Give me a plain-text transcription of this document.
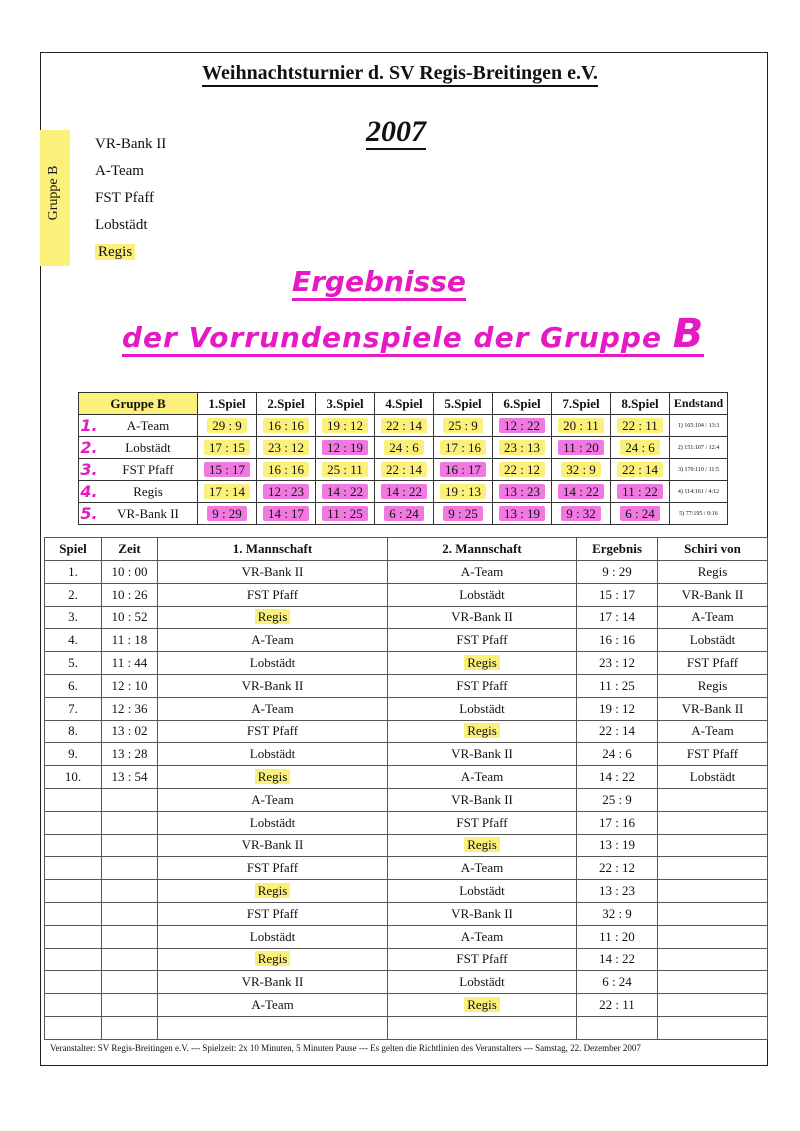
Weihnachtsturnier d. SV Regis-Breitingen e.V.
2007
Gruppe B
VR-Bank II
A-Team
FST Pfaff
Lobstädt
Regis
Ergebnisse
der Vorrundenspiele der Gruppe B
Gruppe B		1.Spiel	2.Spiel	3.Spiel	4.Spiel	5.Spiel	6.Spiel	7.Spiel	8.Spiel	Endstand
1.	A-Team	29 : 9	16 : 16	19 : 12	22 : 14	25 : 9	12 : 22	20 : 11	22 : 11	1) 165:104 / 13:3
2.	Lobstädt	17 : 15	23 : 12	12 : 19	24 : 6	17 : 16	23 : 13	11 : 20	24 : 6	2) 151:107 / 12:4
3.	FST Pfaff	15 : 17	16 : 16	25 : 11	22 : 14	16 : 17	22 : 12	32 : 9	22 : 14	3) 170:110 / 11:5
4.	Regis	17 : 14	12 : 23	14 : 22	14 : 22	19 : 13	13 : 23	14 : 22	11 : 22	4) 114:161 / 4:12
5.	VR-Bank II	9 : 29	14 : 17	11 : 25	6 : 24	9 : 25	13 : 19	9 : 32	6 : 24	5) 77:195 / 0:16
Spiel	Zeit	1. Mannschaft	2. Mannschaft	Ergebnis	Schiri von
1.	10 : 00	VR-Bank II	A-Team	9 : 29	Regis
2.	10 : 26	FST Pfaff	Lobstädt	15 : 17	VR-Bank II
3.	10 : 52	Regis	VR-Bank II	17 : 14	A-Team
4.	11 : 18	A-Team	FST Pfaff	16 : 16	Lobstädt
5.	11 : 44	Lobstädt	Regis	23 : 12	FST Pfaff
6.	12 : 10	VR-Bank II	FST Pfaff	11 : 25	Regis
7.	12 : 36	A-Team	Lobstädt	19 : 12	VR-Bank II
8.	13 : 02	FST Pfaff	Regis	22 : 14	A-Team
9.	13 : 28	Lobstädt	VR-Bank II	24 : 6	FST Pfaff
10.	13 : 54	Regis	A-Team	14 : 22	Lobstädt
		A-Team	VR-Bank II	25 : 9	
		Lobstädt	FST Pfaff	17 : 16	
		VR-Bank II	Regis	13 : 19	
		FST Pfaff	A-Team	22 : 12	
		Regis	Lobstädt	13 : 23	
		FST Pfaff	VR-Bank II	32 : 9	
		Lobstädt	A-Team	11 : 20	
		Regis	FST Pfaff	14 : 22	
		VR-Bank II	Lobstädt	6 : 24	
		A-Team	Regis	22 : 11	

Veranstalter: SV Regis-Breitingen e.V. --- Spielzeit: 2x 10 Minuten, 5 Minuten Pause --- Es gelten die Richtlinien des Veranstalters --- Samstag, 22. Dezember 2007
